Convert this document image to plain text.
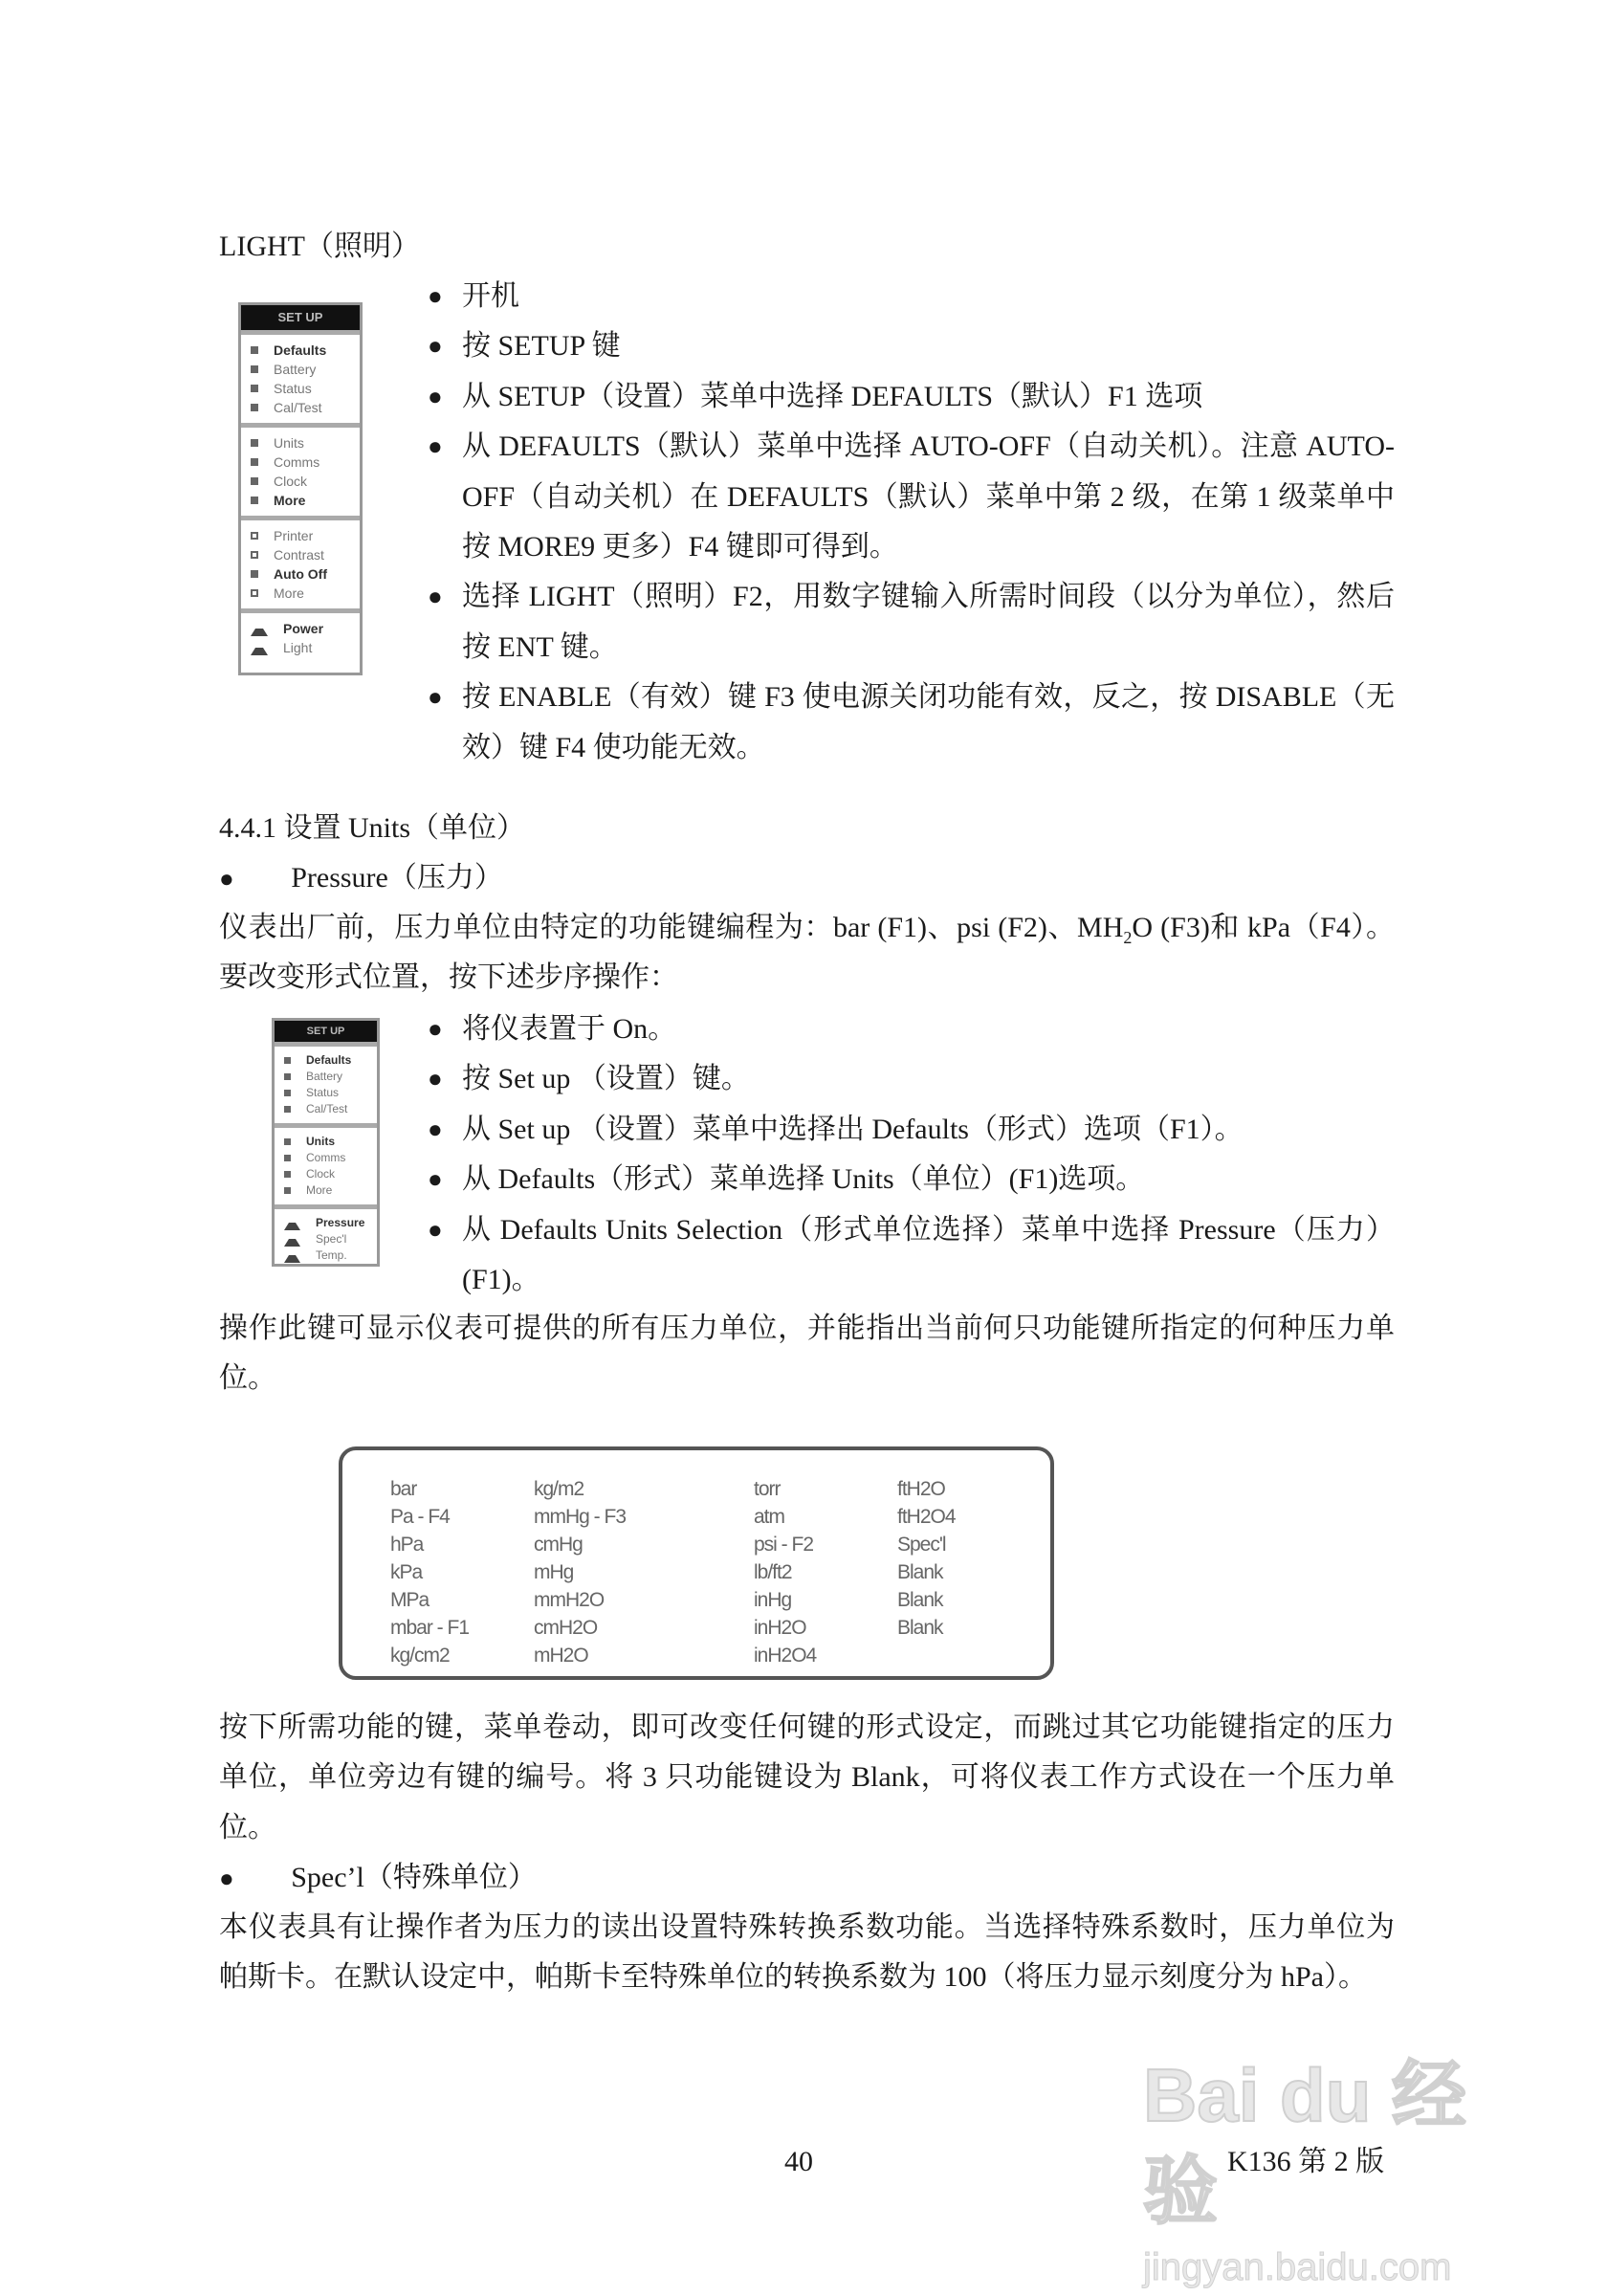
LIGHT（照明）
SET UP
Defaults
Battery
Status
Cal/Test
Units
Comms
Clock
More
Printer
Contrast
Auto Off
More
Power
Light
● 开机
● 按 SETUP 键
● 从 SETUP（设置）菜单中选择 DEFAULTS（默认）F1 选项
● 从 DEFAULTS（默认）菜单中选择 AUTO-OFF（自动关机）。注意 AUTO-OFF（自动关机）在 DEFAULTS（默认）菜单中第 2 级，在第 1 级菜单中按 MORE9 更多）F4 键即可得到。
● 选择 LIGHT（照明）F2，用数字键输入所需时间段（以分为单位），然后按 ENT 键。
● 按 ENABLE（有效）键 F3 使电源关闭功能有效，反之，按 DISABLE（无效）键 F4 使功能无效。
4.4.1 设置 Units（单位）
● Pressure（压力）
仪表出厂前，压力单位由特定的功能键编程为：bar (F1)、psi (F2)、$MH_2O$ (F3)和 kPa（F4）。要改变形式位置，按下述步序操作：
SET UP
Defaults
Battery
Status
Cal/Test
Units
Comms
Clock
More
Pressure
Spec'l
Temp.
● 将仪表置于 On。
● 按 Set up （设置）键。
● 从 Set up （设置）菜单中选择出 Defaults（形式）选项（F1）。
● 从 Defaults（形式）菜单选择 Units（单位）(F1)选项。
● 从 Defaults Units Selection（形式单位选择）菜单中选择 Pressure（压力）(F1)。
操作此键可显示仪表可提供的所有压力单位，并能指出当前何只功能键所指定的何种压力单位。
bar
Pa - F4
hPa
kPa
MPa
mbar - F1
kg/cm2
kg/m2
mmHg - F3
cmHg
mHg
mmH2O
cmH2O
mH2O
torr
atm
psi - F2
lb/ft2
inHg
inH2O
inH2O4
ftH2O
ftH2O4
Spec'l
Blank
Blank
Blank
按下所需功能的键，菜单卷动，即可改变任何键的形式设定，而跳过其它功能键指定的压力单位，单位旁边有键的编号。将 3 只功能键设为 Blank，可将仪表工作方式设在一个压力单位。
● Spec’l（特殊单位）
本仪表具有让操作者为压力的读出设置特殊转换系数功能。当选择特殊系数时，压力单位为帕斯卡。在默认设定中，帕斯卡至特殊单位的转换系数为 100（将压力显示刻度分为 hPa）。
Bai du 经验
jingyan.baidu.com
40	K136 第 2 版
